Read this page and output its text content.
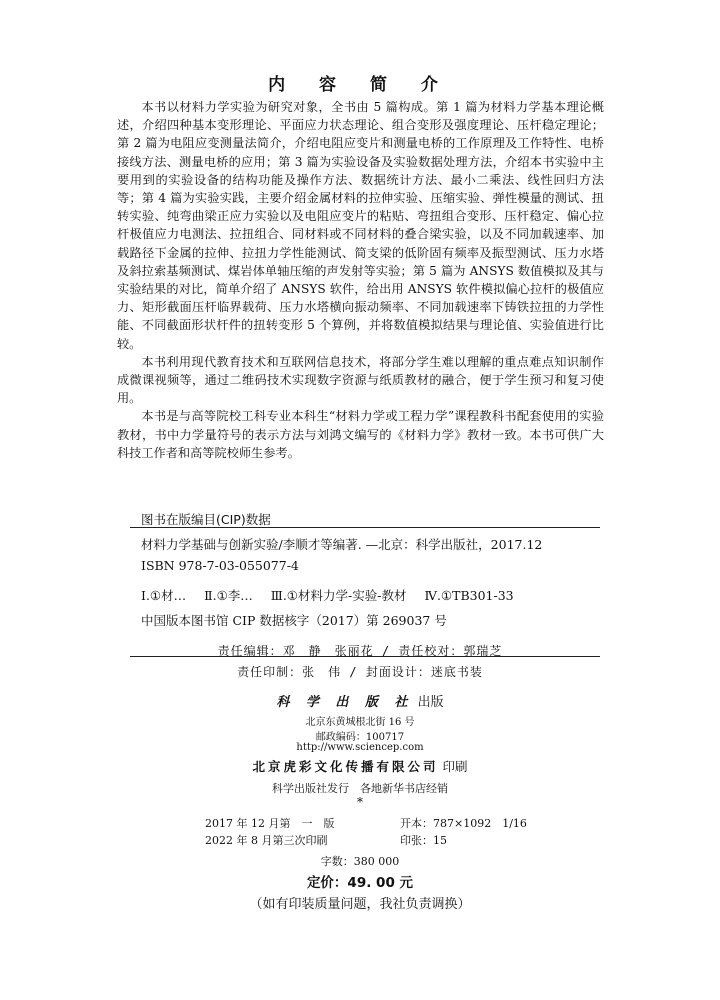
内 容 简 介

本书以材料力学实验为研究对象，全书由 5 篇构成。第 1 篇为材料力学基本理论概述，介绍四种基本变形理论、平面应力状态理论、组合变形及强度理论、压杆稳定理论；第 2 篇为电阻应变测量法简介，介绍电阻应变片和测量电桥的工作原理及工作特性、电桥接线方法、测量电桥的应用；第 3 篇为实验设备及实验数据处理方法，介绍本书实验中主要用到的实验设备的结构功能及操作方法、数据统计方法、最小二乘法、线性回归方法等；第 4 篇为实验实践，主要介绍金属材料的拉伸实验、压缩实验、弹性模量的测试、扭转实验、纯弯曲梁正应力实验以及电阻应变片的粘贴、弯扭组合变形、压杆稳定、偏心拉杆极值应力电测法、拉扭组合、同材料或不同材料的叠合梁实验，以及不同加载速率、加载路径下金属的拉伸、拉扭力学性能测试、简支梁的低阶固有频率及振型测试、压力水塔及斜拉索基频测试、煤岩体单轴压缩的声发射等实验；第 5 篇为 ANSYS 数值模拟及其与实验结果的对比，简单介绍了 ANSYS 软件，给出用 ANSYS 软件模拟偏心拉杆的极值应力、矩形截面压杆临界载荷、压力水塔横向振动频率、不同加载速率下铸铁拉扭的力学性能、不同截面形状杆件的扭转变形 5 个算例，并将数值模拟结果与理论值、实验值进行比较。

本书利用现代教育技术和互联网信息技术，将部分学生难以理解的重点难点知识制作成微课视频等，通过二维码技术实现数字资源与纸质教材的融合，便于学生预习和复习使用。

本书是与高等院校工科专业本科生“材料力学或工程力学”课程教科书配套使用的实验教材，书中力学量符号的表示方法与刘鸿文编写的《材料力学》教材一致。本书可供广大科技工作者和高等院校师生参考。

图书在版编目(CIP)数据
材料力学基础与创新实验/李顺才等编著. —北京：科学出版社，2017.12
ISBN 978-7-03-055077-4
Ⅰ.①材… Ⅱ.①李… Ⅲ.①材料力学-实验-教材 Ⅳ.①TB301-33
中国版本图书馆 CIP 数据核字（2017）第 269037 号
责任编辑：邓　静　张丽花 / 责任校对：郭瑞芝
责任印制：张　伟 / 封面设计：迷底书装
科 学 出 版 社 出版
北京东黄城根北街 16 号
邮政编码：100717
http://www.sciencep.com
北京虎彩文化传播有限公司 印刷
科学出版社发行　各地新华书店经销
*
2017 年 12 月第　一　版	开本：787×1092　1/16
2022 年 8 月第三次印刷	印张：15
字数：380 000
定价：49. 00 元
（如有印装质量问题，我社负责调换）
